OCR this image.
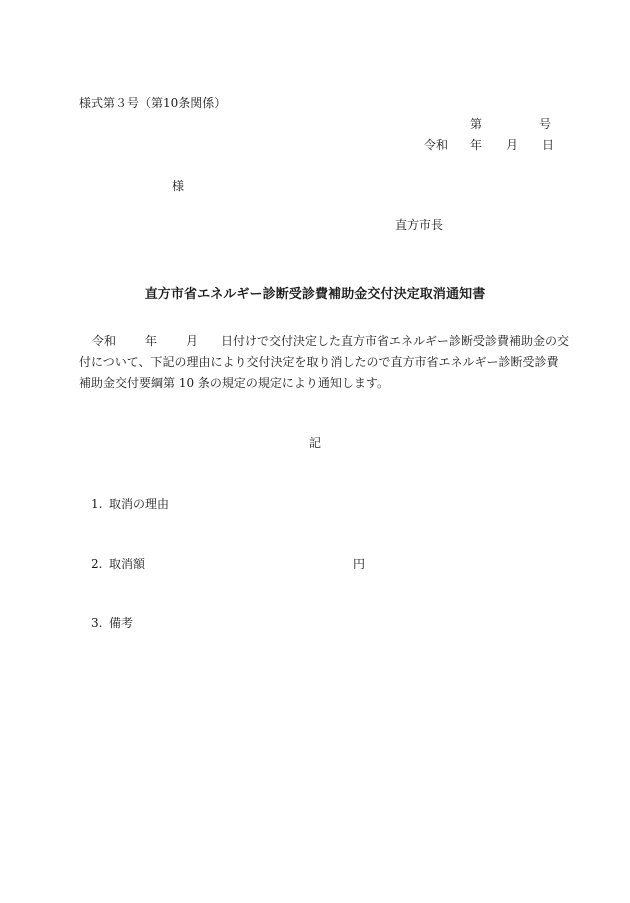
様式第３号（第10条関係）
第	号
令和 年 月 日
様
直方市長
直方市省エネルギー診断受診費補助金交付決定取消通知書
令和 年 月 日付けで交付決定した直方市省エネルギー診断受診費補助金の交
付について、下記の理由により交付決定を取り消したので直方市省エネルギー診断受診費
補助金交付要綱第 10 条の規定の規定により通知します。
記
1. 取消の理由
2. 取消額	円
3. 備考
